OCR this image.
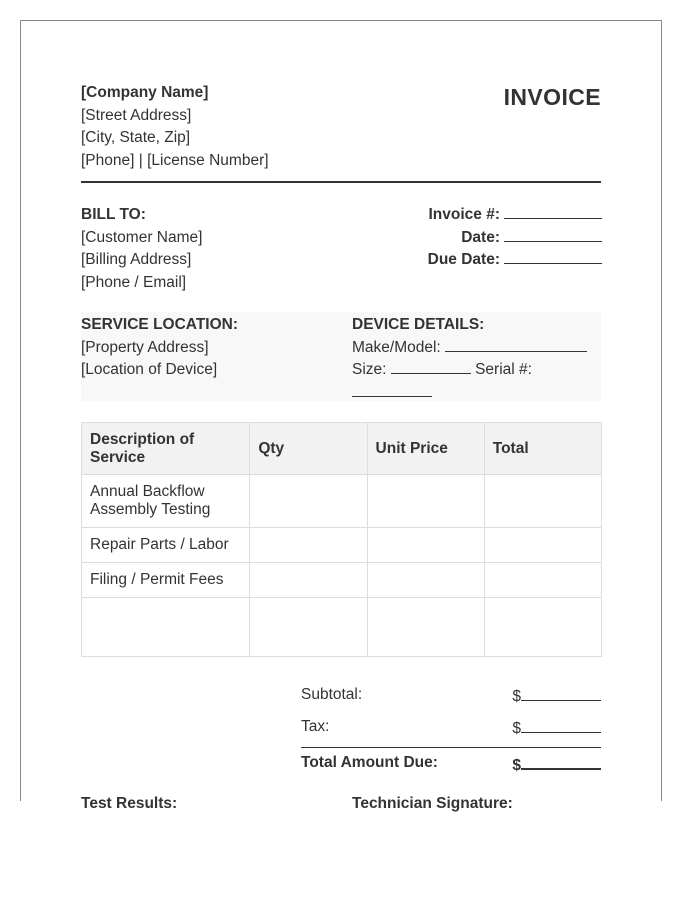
[Company Name]
[Street Address]
[City, State, Zip]
[Phone] | [License Number]
INVOICE
BILL TO:
[Customer Name]
[Billing Address]
[Phone / Email]
Invoice #:
Date:
Due Date:
SERVICE LOCATION:
[Property Address]
[Location of Device]
DEVICE DETAILS:
Make/Model:
Size:	Serial #:
Description of Service	Qty	Unit Price	Total
Annual Backflow Assembly Testing			
Repair Parts / Labor			
Filing / Permit Fees			

Subtotal:	$
Tax:	$
Total Amount Due:	$
Test Results:	Technician Signature:
